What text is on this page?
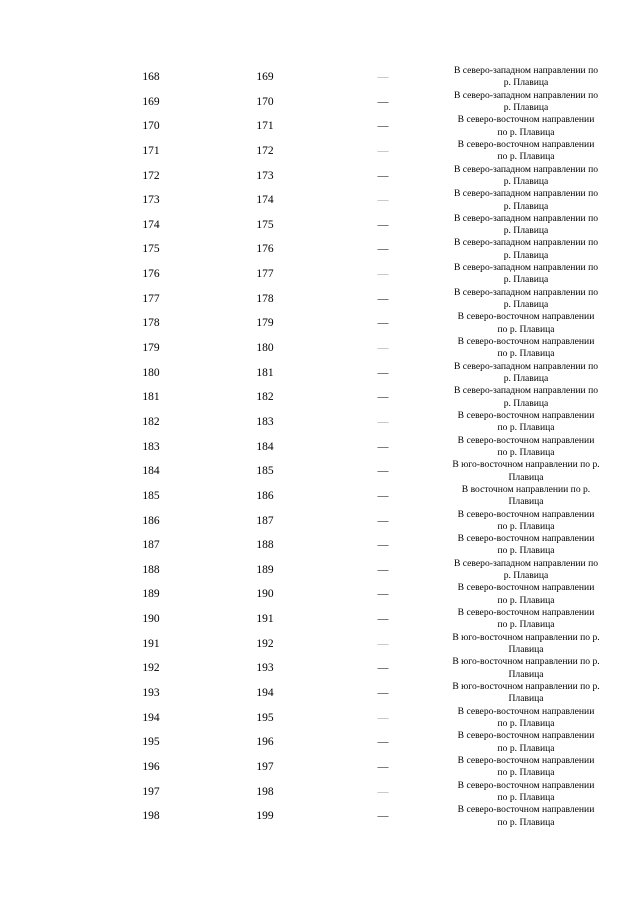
168	169	—
В северо-западном направлении по р. Плавица
169	170	—
В северо-западном направлении по р. Плавица
170	171	—
В северо-восточном направлении по р. Плавица
171	172	—
В северо-восточном направлении по р. Плавица
172	173	—
В северо-западном направлении по р. Плавица
173	174	—
В северо-западном направлении по р. Плавица
174	175	—
В северо-западном направлении по р. Плавица
175	176	—
В северо-западном направлении по р. Плавица
176	177	—
В северо-западном направлении по р. Плавица
177	178	—
В северо-западном направлении по р. Плавица
178	179	—
В северо-восточном направлении по р. Плавица
179	180	—
В северо-восточном направлении по р. Плавица
180	181	—
В северо-западном направлении по р. Плавица
181	182	—
В северо-западном направлении по р. Плавица
182	183	—
В северо-восточном направлении по р. Плавица
183	184	—
В северо-восточном направлении по р. Плавица
184	185	—
В юго-восточном направлении по р. Плавица
185	186	—
В восточном направлении по р. Плавица
186	187	—
В северо-восточном направлении по р. Плавица
187	188	—
В северо-восточном направлении по р. Плавица
188	189	—
В северо-западном направлении по р. Плавица
189	190	—
В северо-восточном направлении по р. Плавица
190	191	—
В северо-восточном направлении по р. Плавица
191	192	—
В юго-восточном направлении по р. Плавица
192	193	—
В юго-восточном направлении по р. Плавица
193	194	—
В юго-восточном направлении по р. Плавица
194	195	—
В северо-восточном направлении по р. Плавица
195	196	—
В северо-восточном направлении по р. Плавица
196	197	—
В северо-восточном направлении по р. Плавица
197	198	—
В северо-восточном направлении по р. Плавица
198	199	—
В северо-восточном направлении по р. Плавица
